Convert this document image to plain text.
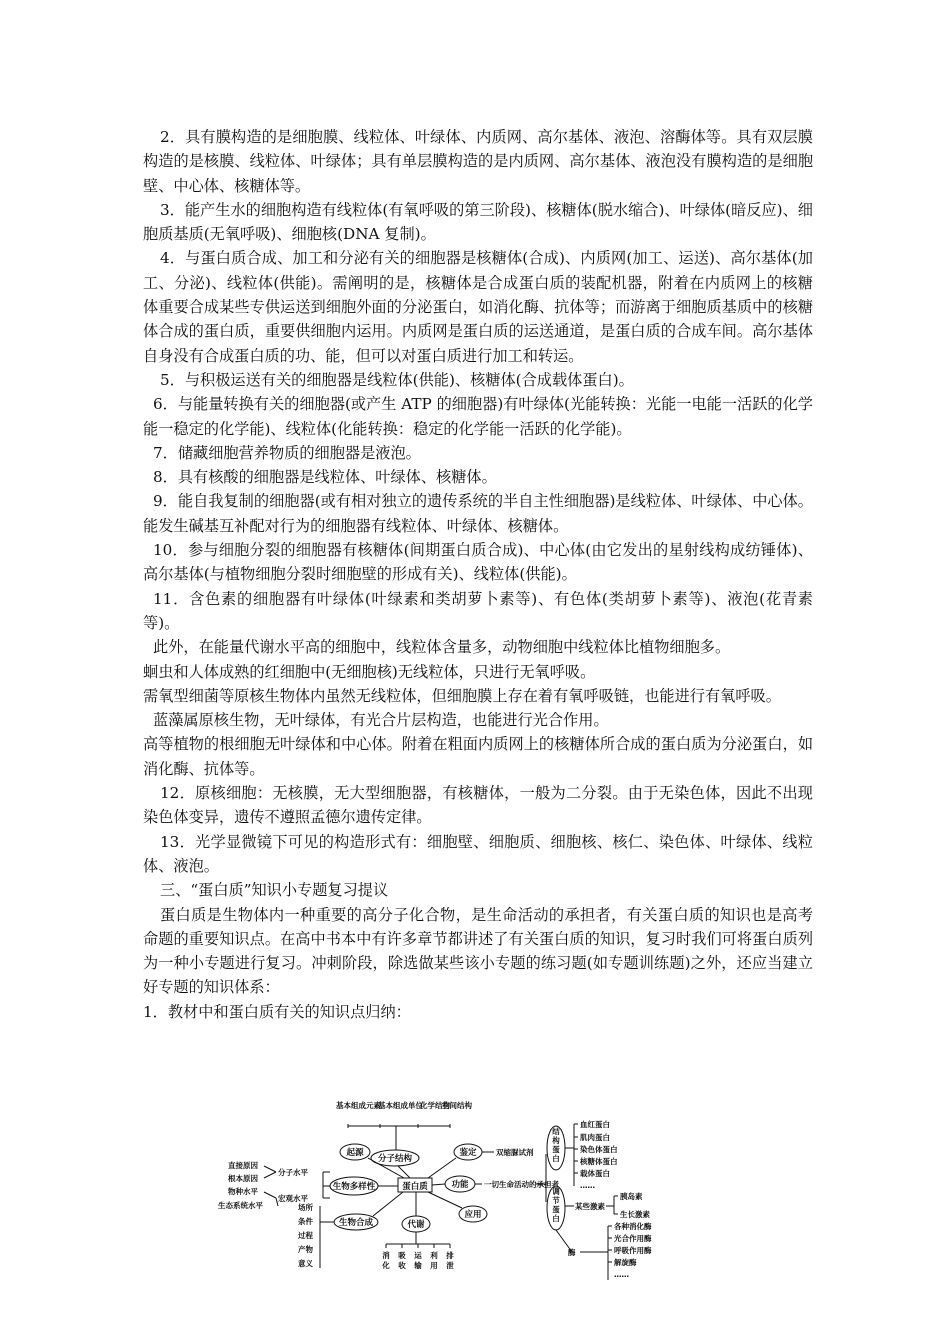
2．具有膜构造的是细胞膜、线粒体、叶绿体、内质网、高尔基体、液泡、溶酶体等。具有双层膜构造的是核膜、线粒体、叶绿体；具有单层膜构造的是内质网、高尔基体、液泡没有膜构造的是细胞壁、中心体、核糖体等。

3．能产生水的细胞构造有线粒体(有氧呼吸的第三阶段)、核糖体(脱水缩合)、叶绿体(暗反应)、细胞质基质(无氧呼吸)、细胞核(DNA 复制)。

4．与蛋白质合成、加工和分泌有关的细胞器是核糖体(合成)、内质网(加工、运送)、高尔基体(加工、分泌)、线粒体(供能)。需阐明的是，核糖体是合成蛋白质的装配机器，附着在内质网上的核糖体重要合成某些专供运送到细胞外面的分泌蛋白，如消化酶、抗体等；而游离于细胞质基质中的核糖体合成的蛋白质，重要供细胞内运用。内质网是蛋白质的运送通道，是蛋白质的合成车间。高尔基体自身没有合成蛋白质的功、能，但可以对蛋白质进行加工和转运。

5．与积极运送有关的细胞器是线粒体(供能)、核糖体(合成载体蛋白)。

6．与能量转换有关的细胞器(或产生 ATP 的细胞器)有叶绿体(光能转换：光能一电能一活跃的化学能一稳定的化学能)、线粒体(化能转换：稳定的化学能一活跃的化学能)。

7．储藏细胞营养物质的细胞器是液泡。

8．具有核酸的细胞器是线粒体、叶绿体、核糖体。

9．能自我复制的细胞器(或有相对独立的遗传系统的半自主性细胞器)是线粒体、叶绿体、中心体。能发生碱基互补配对行为的细胞器有线粒体、叶绿体、核糖体。

10．参与细胞分裂的细胞器有核糖体(间期蛋白质合成)、中心体(由它发出的星射线构成纺锤体)、高尔基体(与植物细胞分裂时细胞壁的形成有关)、线粒体(供能)。

11．含色素的细胞器有叶绿体(叶绿素和类胡萝卜素等)、有色体(类胡萝卜素等)、液泡(花青素等)。

此外，在能量代谢水平高的细胞中，线粒体含量多，动物细胞中线粒体比植物细胞多。

蛔虫和人体成熟的红细胞中(无细胞核)无线粒体，只进行无氧呼吸。

需氧型细菌等原核生物体内虽然无线粒体，但细胞膜上存在着有氧呼吸链，也能进行有氧呼吸。

蓝藻属原核生物，无叶绿体，有光合片层构造，也能进行光合作用。

高等植物的根细胞无叶绿体和中心体。附着在粗面内质网上的核糖体所合成的蛋白质为分泌蛋白，如消化酶、抗体等。

12．原核细胞：无核膜，无大型细胞器，有核糖体，一般为二分裂。由于无染色体，因此不出现染色体变异，遗传不遵照孟德尔遗传定律。

13．光学显微镜下可见的构造形式有：细胞壁、细胞质、细胞核、核仁、染色体、叶绿体、线粒体、液泡。

三、“蛋白质”知识小专题复习提议

蛋白质是生物体内一种重要的高分子化合物，是生命活动的承担者，有关蛋白质的知识也是高考命题的重要知识点。在高中书本中有许多章节都讲述了有关蛋白质的知识，复习时我们可将蛋白质列为一种小专题进行复习。冲刺阶段，除选做某些该小专题的练习题(如专题训练题)之外，还应当建立好专题的知识体系：

1．教材中和蛋白质有关的知识点归纳：

基本组成元素
基本组成单位
化学结构
空间结构
分子结构
起源	鉴定	双缩脲试剂
功能 一切生命活动的承担者
应用
代谢
蛋白质
生物多样性
生物合成
分子水平
宏观水平
直接原因
根本原因
物种水平
生态系统水平	场所
条件
过程
产物
意义
消化
吸收
运输
利用
排泄
结构蛋白
调节蛋白
血红蛋白
肌肉蛋白
染色体蛋白
核糖体蛋白
载体蛋白
……
某些激素
胰岛素
生长激素
酶
各种消化酶
光合作用酶
呼吸作用酶
解旋酶
……
